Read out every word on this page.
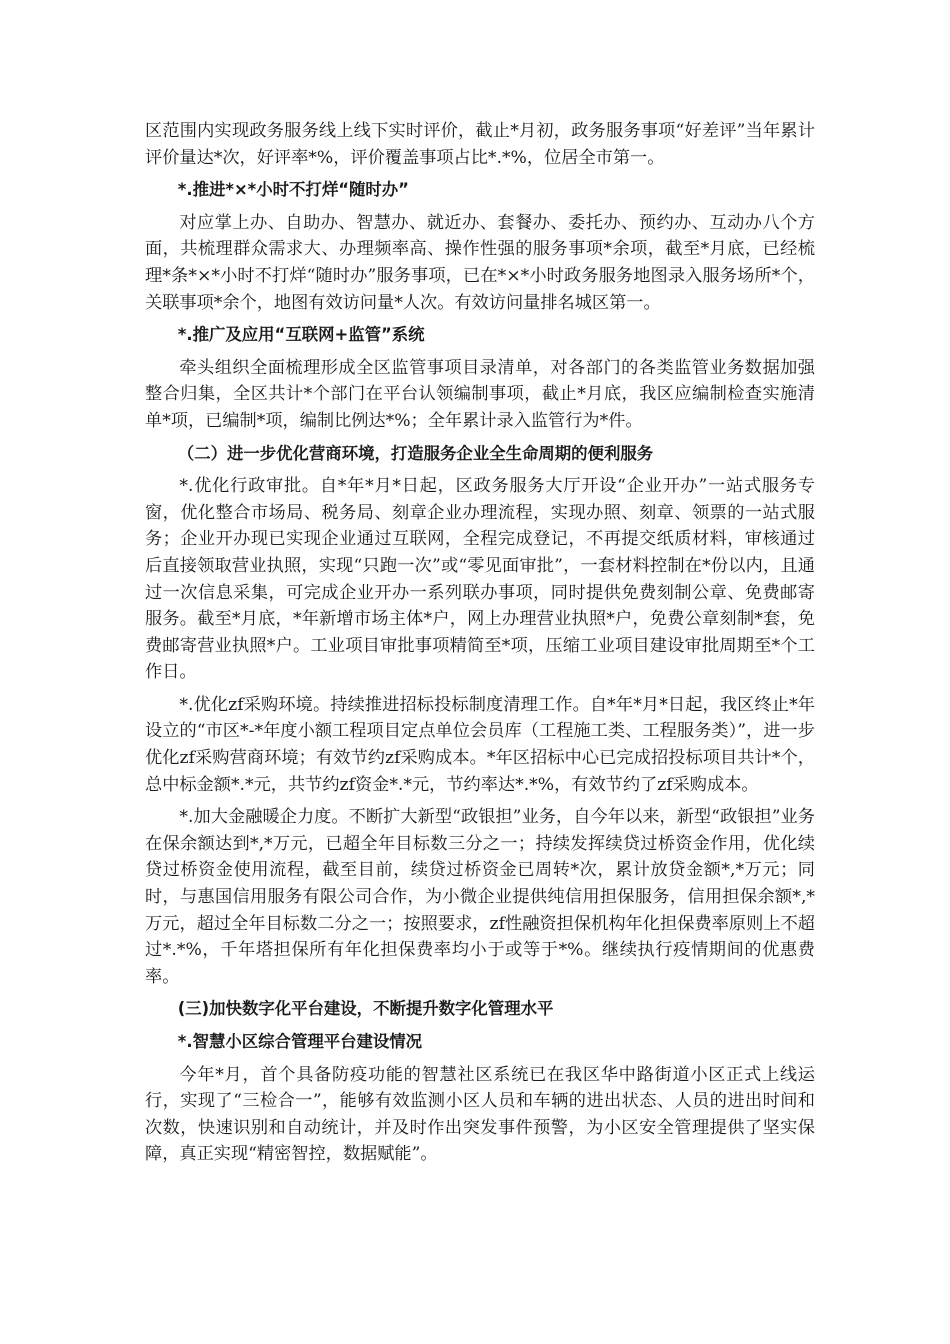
区范围内实现政务服务线上线下实时评价，截止*月初，政务服务事项“好差评”当年累计评价量达*次，好评率*%，评价覆盖事项占比*.*%，位居全市第一。

*.推进*×*小时不打烊“随时办”

对应掌上办、自助办、智慧办、就近办、套餐办、委托办、预约办、互动办八个方面，共梳理群众需求大、办理频率高、操作性强的服务事项*余项，截至*月底，已经梳理*条*×*小时不打烊“随时办”服务事项，已在*×*小时政务服务地图录入服务场所*个，关联事项*余个，地图有效访问量*人次。有效访问量排名城区第一。

*.推广及应用“互联网+监管”系统

牵头组织全面梳理形成全区监管事项目录清单，对各部门的各类监管业务数据加强整合归集，全区共计*个部门在平台认领编制事项，截止*月底，我区应编制检查实施清单*项，已编制*项，编制比例达*%；全年累计录入监管行为*件。

（二）进一步优化营商环境，打造服务企业全生命周期的便利服务

*.优化行政审批。自*年*月*日起，区政务服务大厅开设“企业开办”一站式服务专窗，优化整合市场局、税务局、刻章企业办理流程，实现办照、刻章、领票的一站式服务；企业开办现已实现企业通过互联网，全程完成登记，不再提交纸质材料，审核通过后直接领取营业执照，实现“只跑一次”或“零见面审批”，一套材料控制在*份以内，且通过一次信息采集，可完成企业开办一系列联办事项，同时提供免费刻制公章、免费邮寄服务。截至*月底，*年新增市场主体*户，网上办理营业执照*户，免费公章刻制*套，免费邮寄营业执照*户。工业项目审批事项精简至*项，压缩工业项目建设审批周期至*个工作日。

*.优化zf采购环境。持续推进招标投标制度清理工作。自*年*月*日起，我区终止*年设立的“市区*-*年度小额工程项目定点单位会员库（工程施工类、工程服务类）”，进一步优化zf采购营商环境；有效节约zf采购成本。*年区招标中心已完成招投标项目共计*个，总中标金额*.*元，共节约zf资金*.*元，节约率达*.*%，有效节约了zf采购成本。

*.加大金融暖企力度。不断扩大新型“政银担”业务，自今年以来，新型“政银担”业务在保余额达到*,*万元，已超全年目标数三分之一；持续发挥续贷过桥资金作用，优化续贷过桥资金使用流程，截至目前，续贷过桥资金已周转*次，累计放贷金额*,*万元；同时，与惠国信用服务有限公司合作，为小微企业提供纯信用担保服务，信用担保余额*,*万元，超过全年目标数二分之一；按照要求，zf性融资担保机构年化担保费率原则上不超过*.*%，千年塔担保所有年化担保费率均小于或等于*%。继续执行疫情期间的优惠费率。

(三)加快数字化平台建设，不断提升数字化管理水平

*.智慧小区综合管理平台建设情况

今年*月，首个具备防疫功能的智慧社区系统已在我区华中路街道小区正式上线运行，实现了“三检合一”，能够有效监测小区人员和车辆的进出状态、人员的进出时间和次数，快速识别和自动统计，并及时作出突发事件预警，为小区安全管理提供了坚实保障，真正实现“精密智控，数据赋能”。
